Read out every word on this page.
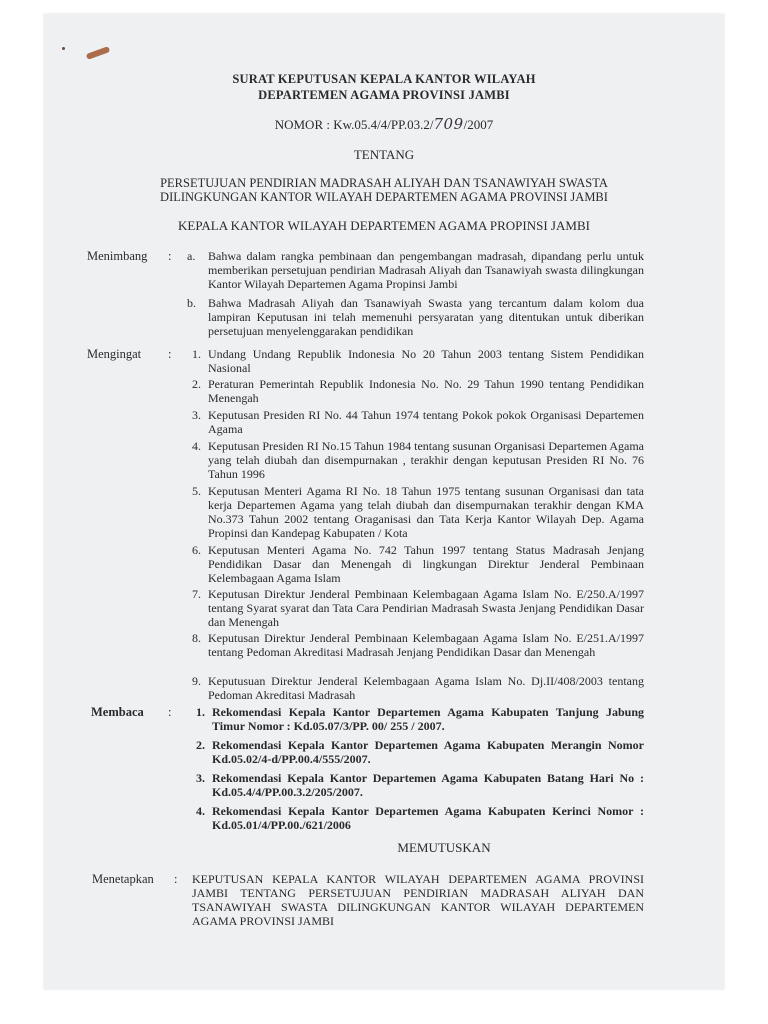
SURAT KEPUTUSAN KEPALA KANTOR WILAYAH
DEPARTEMEN AGAMA PROVINSI JAMBI
NOMOR : Kw.05.4/4/PP.03.2/709/2007
TENTANG
PERSETUJUAN PENDIRIAN MADRASAH ALIYAH DAN TSANAWIYAH SWASTA
DILINGKUNGAN KANTOR WILAYAH DEPARTEMEN AGAMA PROVINSI JAMBI
KEPALA KANTOR WILAYAH DEPARTEMEN AGAMA PROPINSI JAMBI
Menimbang : a. Bahwa dalam rangka pembinaan dan pengembangan madrasah, dipandang perlu untuk memberikan persetujuan pendirian Madrasah Aliyah dan Tsanawiyah swasta dilingkungan Kantor Wilayah Departemen Agama Propinsi Jambi
b. Bahwa Madrasah Aliyah dan Tsanawiyah Swasta yang tercantum dalam kolom dua lampiran Keputusan ini telah memenuhi persyaratan yang ditentukan untuk diberikan persetujuan menyelenggarakan pendidikan
Mengingat : 1. Undang Undang Republik Indonesia No 20 Tahun 2003 tentang Sistem Pendidikan Nasional
2. Peraturan Pemerintah Republik Indonesia No. No. 29 Tahun 1990 tentang Pendidikan Menengah
3. Keputusan Presiden RI No. 44 Tahun 1974 tentang Pokok pokok Organisasi Departemen Agama
4. Keputusan Presiden RI No.15 Tahun 1984 tentang susunan Organisasi Departemen Agama yang telah diubah dan disempurnakan , terakhir dengan keputusan Presiden RI No. 76 Tahun 1996
5. Keputusan Menteri Agama RI No. 18 Tahun 1975 tentang susunan Organisasi dan tata kerja Departemen Agama yang telah diubah dan disempurnakan terakhir dengan KMA No.373 Tahun 2002 tentang Oraganisasi dan Tata Kerja Kantor Wilayah Dep. Agama Propinsi dan Kandepag Kabupaten / Kota
6. Keputusan Menteri Agama No. 742 Tahun 1997 tentang Status Madrasah Jenjang Pendidikan Dasar dan Menengah di lingkungan Direktur Jenderal Pembinaan Kelembagaan Agama Islam
7. Keputusan Direktur Jenderal Pembinaan Kelembagaan Agama Islam No. E/250.A/1997 tentang Syarat syarat dan Tata Cara Pendirian Madrasah Swasta Jenjang Pendidikan Dasar dan Menengah
8. Keputusan Direktur Jenderal Pembinaan Kelembagaan Agama Islam No. E/251.A/1997 tentang Pedoman Akreditasi Madrasah Jenjang Pendidikan Dasar dan Menengah
9. Keputusuan Direktur Jenderal Kelembagaan Agama Islam No. Dj.II/408/2003 tentang Pedoman Akreditasi Madrasah
Membaca : 1. Rekomendasi Kepala Kantor Departemen Agama Kabupaten Tanjung Jabung Timur Nomor : Kd.05.07/3/PP. 00/ 255 / 2007.
2. Rekomendasi Kepala Kantor Departemen Agama Kabupaten Merangin Nomor Kd.05.02/4-d/PP.00.4/555/2007.
3. Rekomendasi Kepala Kantor Departemen Agama Kabupaten Batang Hari No : Kd.05.4/4/PP.00.3.2/205/2007.
4. Rekomendasi Kepala Kantor Departemen Agama Kabupaten Kerinci Nomor : Kd.05.01/4/PP.00./621/2006
MEMUTUSKAN
Menetapkan : KEPUTUSAN KEPALA KANTOR WILAYAH DEPARTEMEN AGAMA PROVINSI JAMBI TENTANG PERSETUJUAN PENDIRIAN MADRASAH ALIYAH DAN TSANAWIYAH SWASTA DILINGKUNGAN KANTOR WILAYAH DEPARTEMEN AGAMA PROVINSI JAMBI
